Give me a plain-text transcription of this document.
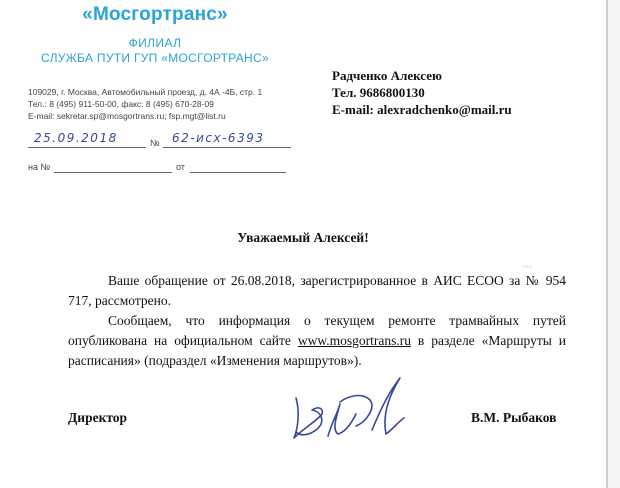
«Мосгортранс»
ФИЛИАЛ
СЛУЖБА ПУТИ ГУП «МОСГОРТРАНС»
109029, г. Москва, Автомобильный проезд, д. 4А -4Б, стр. 1
Тел.: 8 (495) 911-50-00, факс: 8 (495) 670-28-09
E-mail: sekretar.sp@mosgortrans.ru; fsp.mgt@list.ru
25.09.2018	№ 62-исх-6393
на №	от
Радченко Алексею
Тел. 9686800130
E-mail: alexradchenko@mail.ru
Уважаемый Алексей!
Ваше обращение от 26.08.2018, зарегистрированное в АИС ЕСОО за № 954 717, рассмотрено.
Сообщаем, что информация о текущем ремонте трамвайных путей опубликована на официальном сайте www.mosgortrans.ru в разделе «Маршруты и расписания» (подраздел «Изменения маршрутов»).
Директор	В.М. Рыбаков
•••
